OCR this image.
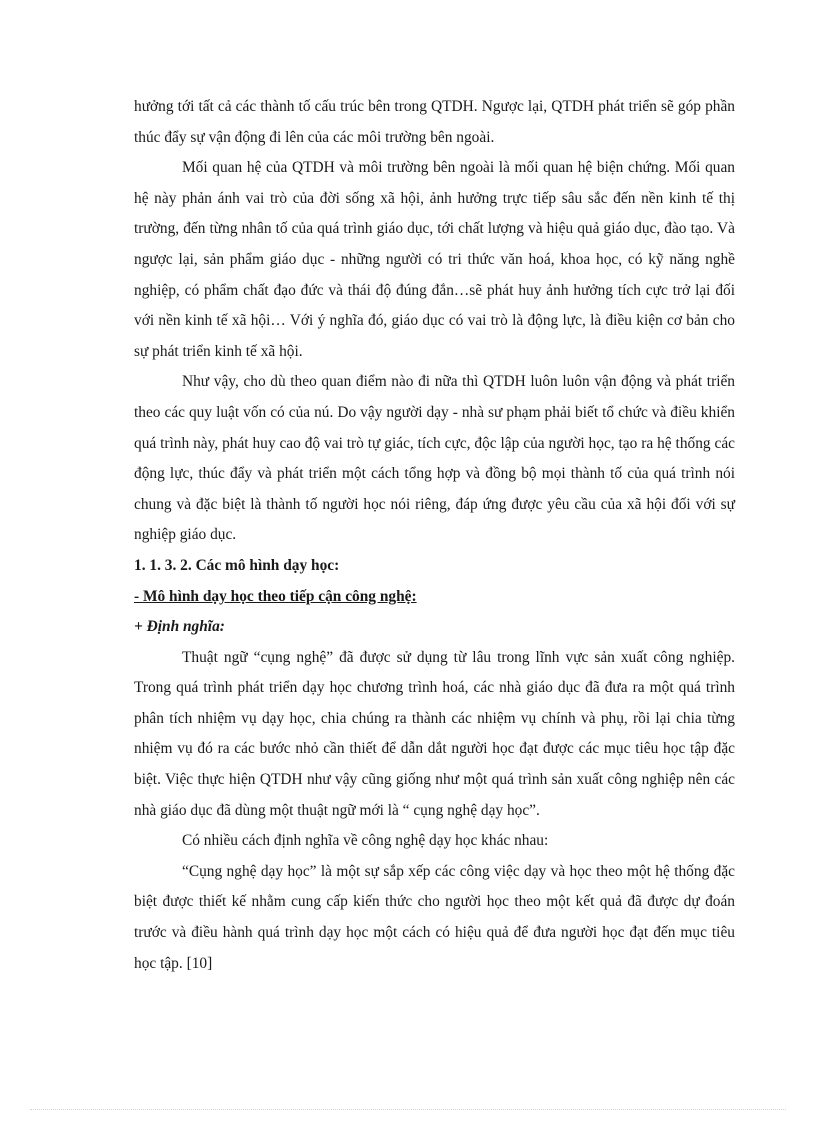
hưởng tới tất cả các thành tố cấu trúc bên trong QTDH. Ngược lại, QTDH phát triển sẽ góp phần thúc đẩy sự vận động đi lên của các môi trường bên ngoài.

Mối quan hệ của QTDH và môi trường bên ngoài là mối quan hệ biện chứng. Mối quan hệ này phản ánh vai trò của đời sống xã hội, ảnh hưởng trực tiếp sâu sắc đến nền kinh tế thị trường, đến từng nhân tố của quá trình giáo dục, tới chất lượng và hiệu quả giáo dục, đào tạo. Và ngược lại, sản phẩm giáo dục - những người có tri thức văn hoá, khoa học, có kỹ năng nghề nghiệp, có phẩm chất đạo đức và thái độ đúng đắn…sẽ phát huy ảnh hưởng tích cực trở lại đối với nền kinh tế xã hội… Với ý nghĩa đó, giáo dục có vai trò là động lực, là điều kiện cơ bản cho sự phát triển kinh tế xã hội.

Như vậy, cho dù theo quan điểm nào đi nữa thì QTDH luôn luôn vận động và phát triển theo các quy luật vốn có của nú. Do vậy người dạy - nhà sư phạm phải biết tổ chức và điều khiển quá trình này, phát huy cao độ vai trò tự giác, tích cực, độc lập của người học, tạo ra hệ thống các động lực, thúc đẩy và phát triển một cách tổng hợp và đồng bộ mọi thành tố của quá trình nói chung và đặc biệt là thành tố người học nói riêng, đáp ứng được yêu cầu của xã hội đối với sự nghiệp giáo dục.

1. 1. 3. 2. Các mô hình dạy học:

- Mô hình dạy học theo tiếp cận công nghệ:

+ Định nghĩa:

Thuật ngữ “cụng nghệ” đã được sử dụng từ lâu trong lĩnh vực sản xuất công nghiệp. Trong quá trình phát triển dạy học chương trình hoá, các nhà giáo dục đã đưa ra một quá trình phân tích nhiệm vụ dạy học, chia chúng ra thành các nhiệm vụ chính và phụ, rồi lại chia từng nhiệm vụ đó ra các bước nhỏ cần thiết để dẫn dắt người học đạt được các mục tiêu học tập đặc biệt. Việc thực hiện QTDH như vậy cũng giống như một quá trình sản xuất công nghiệp nên các nhà giáo dục đã dùng một thuật ngữ mới là “ cụng nghệ dạy học”.

Có nhiều cách định nghĩa về công nghệ dạy học khác nhau:

“Cụng nghệ dạy học” là một sự sắp xếp các công việc dạy và học theo một hệ thống đặc biệt được thiết kế nhằm cung cấp kiến thức cho người học theo một kết quả đã được dự đoán trước và điều hành quá trình dạy học một cách có hiệu quả để đưa người học đạt đến mục tiêu học tập. [10]
